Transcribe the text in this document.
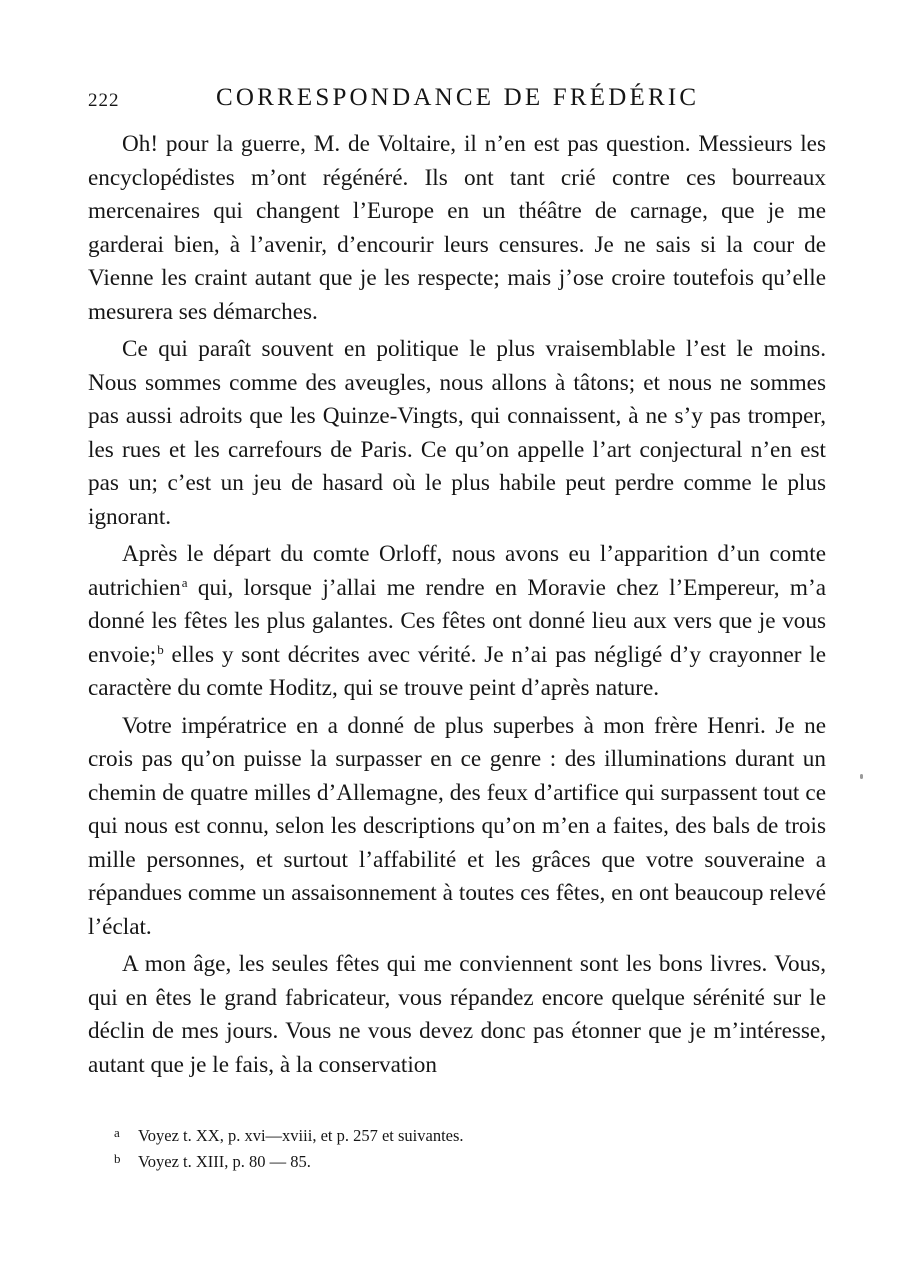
222	CORRESPONDANCE DE FRÉDÉRIC

Oh! pour la guerre, M. de Voltaire, il n’en est pas question. Messieurs les encyclopédistes m’ont régénéré. Ils ont tant crié contre ces bourreaux mercenaires qui changent l’Europe en un théâtre de carnage, que je me garderai bien, à l’avenir, d’encourir leurs censures. Je ne sais si la cour de Vienne les craint autant que je les respecte; mais j’ose croire toutefois qu’elle mesurera ses démarches.

Ce qui paraît souvent en politique le plus vraisemblable l’est le moins. Nous sommes comme des aveugles, nous allons à tâtons; et nous ne sommes pas aussi adroits que les Quinze-Vingts, qui connaissent, à ne s’y pas tromper, les rues et les carrefours de Paris. Ce qu’on appelle l’art conjectural n’en est pas un; c’est un jeu de hasard où le plus habile peut perdre comme le plus ignorant.

Après le départ du comte Orloff, nous avons eu l’apparition d’un comte autrichien$^a$ qui, lorsque j’allai me rendre en Moravie chez l’Empereur, m’a donné les fêtes les plus galantes. Ces fêtes ont donné lieu aux vers que je vous envoie;$^b$ elles y sont décrites avec vérité. Je n’ai pas négligé d’y crayonner le caractère du comte Hoditz, qui se trouve peint d’après nature.

Votre impératrice en a donné de plus superbes à mon frère Henri. Je ne crois pas qu’on puisse la surpasser en ce genre : des illuminations durant un chemin de quatre milles d’Allemagne, des feux d’artifice qui surpassent tout ce qui nous est connu, selon les descriptions qu’on m’en a faites, des bals de trois mille personnes, et surtout l’affabilité et les grâces que votre souveraine a répandues comme un assaisonnement à toutes ces fêtes, en ont beaucoup relevé l’éclat.

A mon âge, les seules fêtes qui me conviennent sont les bons livres. Vous, qui en êtes le grand fabricateur, vous répandez encore quelque sérénité sur le déclin de mes jours. Vous ne vous devez donc pas étonner que je m’intéresse, autant que je le fais, à la conservation

a Voyez t. XX, p. xvi—xviii, et p. 257 et suivantes.
b Voyez t. XIII, p. 80 — 85.
